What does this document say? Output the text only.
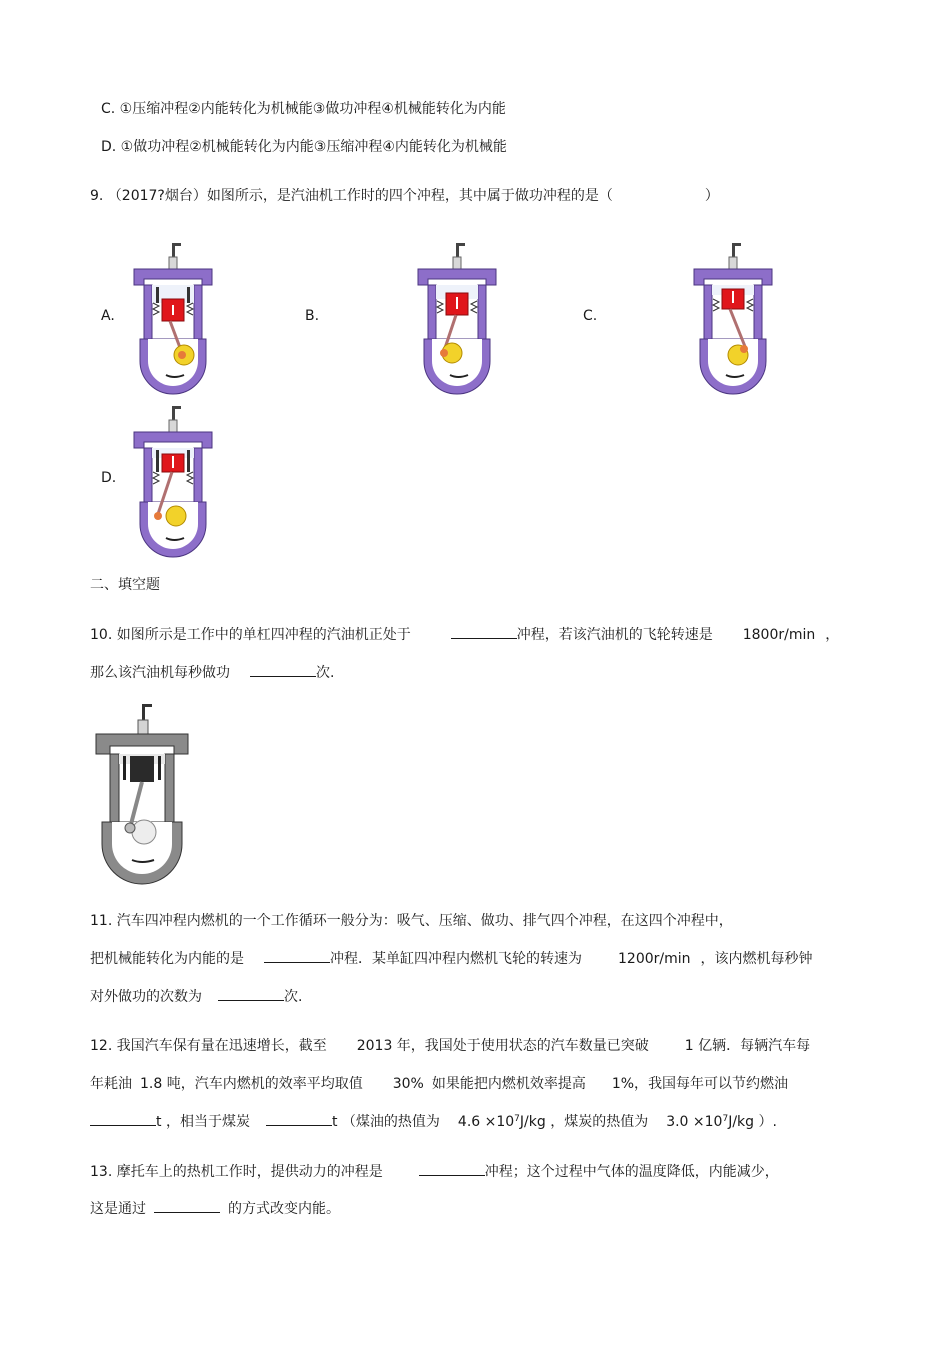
C. ①压缩冲程②内能转化为机械能③做功冲程④机械能转化为内能
D. ①做功冲程②机械能转化为内能③压缩冲程④内能转化为机械能
9. （2017?烟台）如图所示，是汽油机工作时的四个冲程，其中属于做功冲程的是（	）
A.	B.	C.
D.
二、填空题
10. 如图所示是工作中的单杠四冲程的汽油机正处于	冲程，若该汽油机的飞轮转速是 1800r/min ，
那么该汽油机每秒做功	次.
11. 汽车四冲程内燃机的一个工作循环一般分为：吸气、压缩、做功、排气四个冲程，在这四个冲程中，
把机械能转化为内能的是	冲程．某单缸四冲程内燃机飞轮的转速为	1200r/min ，该内燃机每秒钟
对外做功的次数为	次.
12. 我国汽车保有量在迅速增长，截至 2013 年，我国处于使用状态的汽车数量已突破	1 亿辆．每辆汽车每
年耗油 1.8 吨，汽车内燃机的效率平均取值 30% 如果能把内燃机效率提高 1%，我国每年可以节约燃油
t ，相当于煤炭	t （煤油的热值为 $4.6 \times 10^7J/kg$ ，煤炭的热值为 $3.0 \times 10^7J/kg$ ）.
13. 摩托车上的热机工作时，提供动力的冲程是	冲程；这个过程中气体的温度降低，内能减少，
这是通过	的方式改变内能。
